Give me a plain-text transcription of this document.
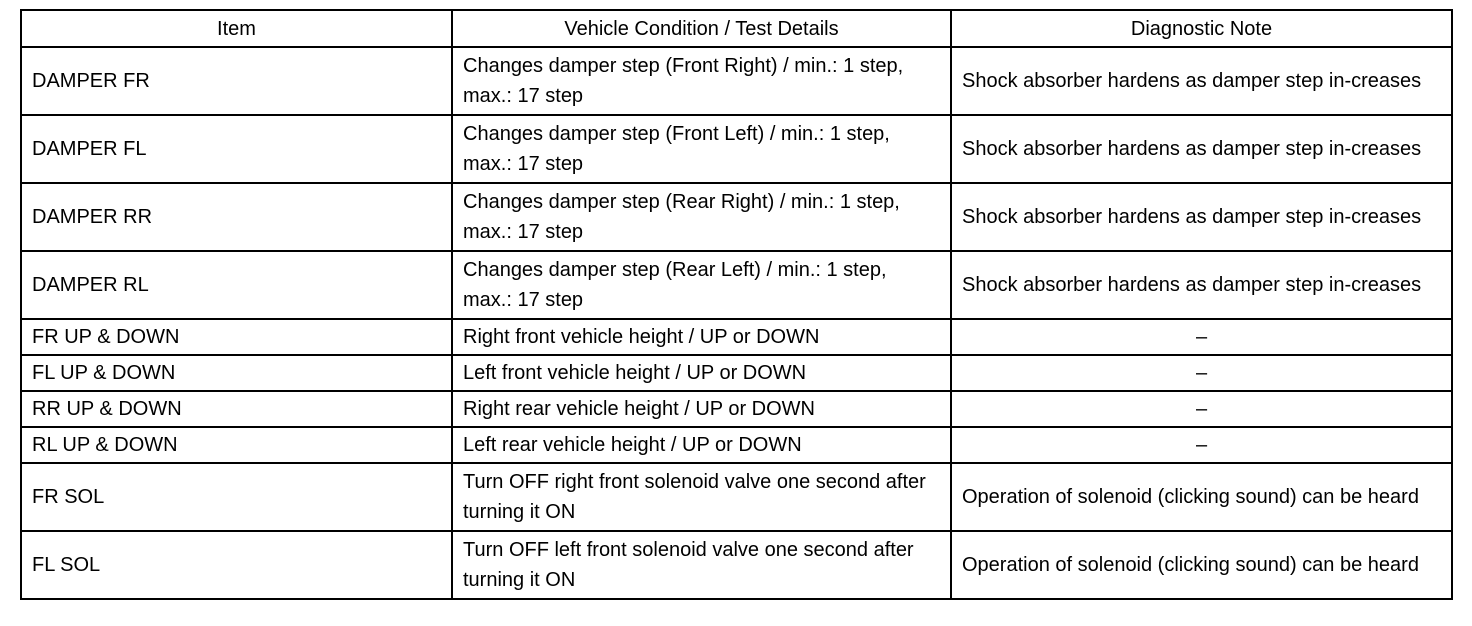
Item	Vehicle Condition / Test Details	Diagnostic Note
DAMPER FR	Changes damper step (Front Right) / min.: 1 step, max.: 17 step	Shock absorber hardens as damper step in-creases
DAMPER FL	Changes damper step (Front Left) / min.: 1 step, max.: 17 step	Shock absorber hardens as damper step in-creases
DAMPER RR	Changes damper step (Rear Right) / min.: 1 step, max.: 17 step	Shock absorber hardens as damper step in-creases
DAMPER RL	Changes damper step (Rear Left) / min.: 1 step, max.: 17 step	Shock absorber hardens as damper step in-creases
FR UP & DOWN	Right front vehicle height / UP or DOWN	–
FL UP & DOWN	Left front vehicle height / UP or DOWN	–
RR UP & DOWN	Right rear vehicle height / UP or DOWN	–
RL UP & DOWN	Left rear vehicle height / UP or DOWN	–
FR SOL	Turn OFF right front solenoid valve one second after turning it ON	Operation of solenoid (clicking sound) can be heard
FL SOL	Turn OFF left front solenoid valve one second after turning it ON	Operation of solenoid (clicking sound) can be heard
